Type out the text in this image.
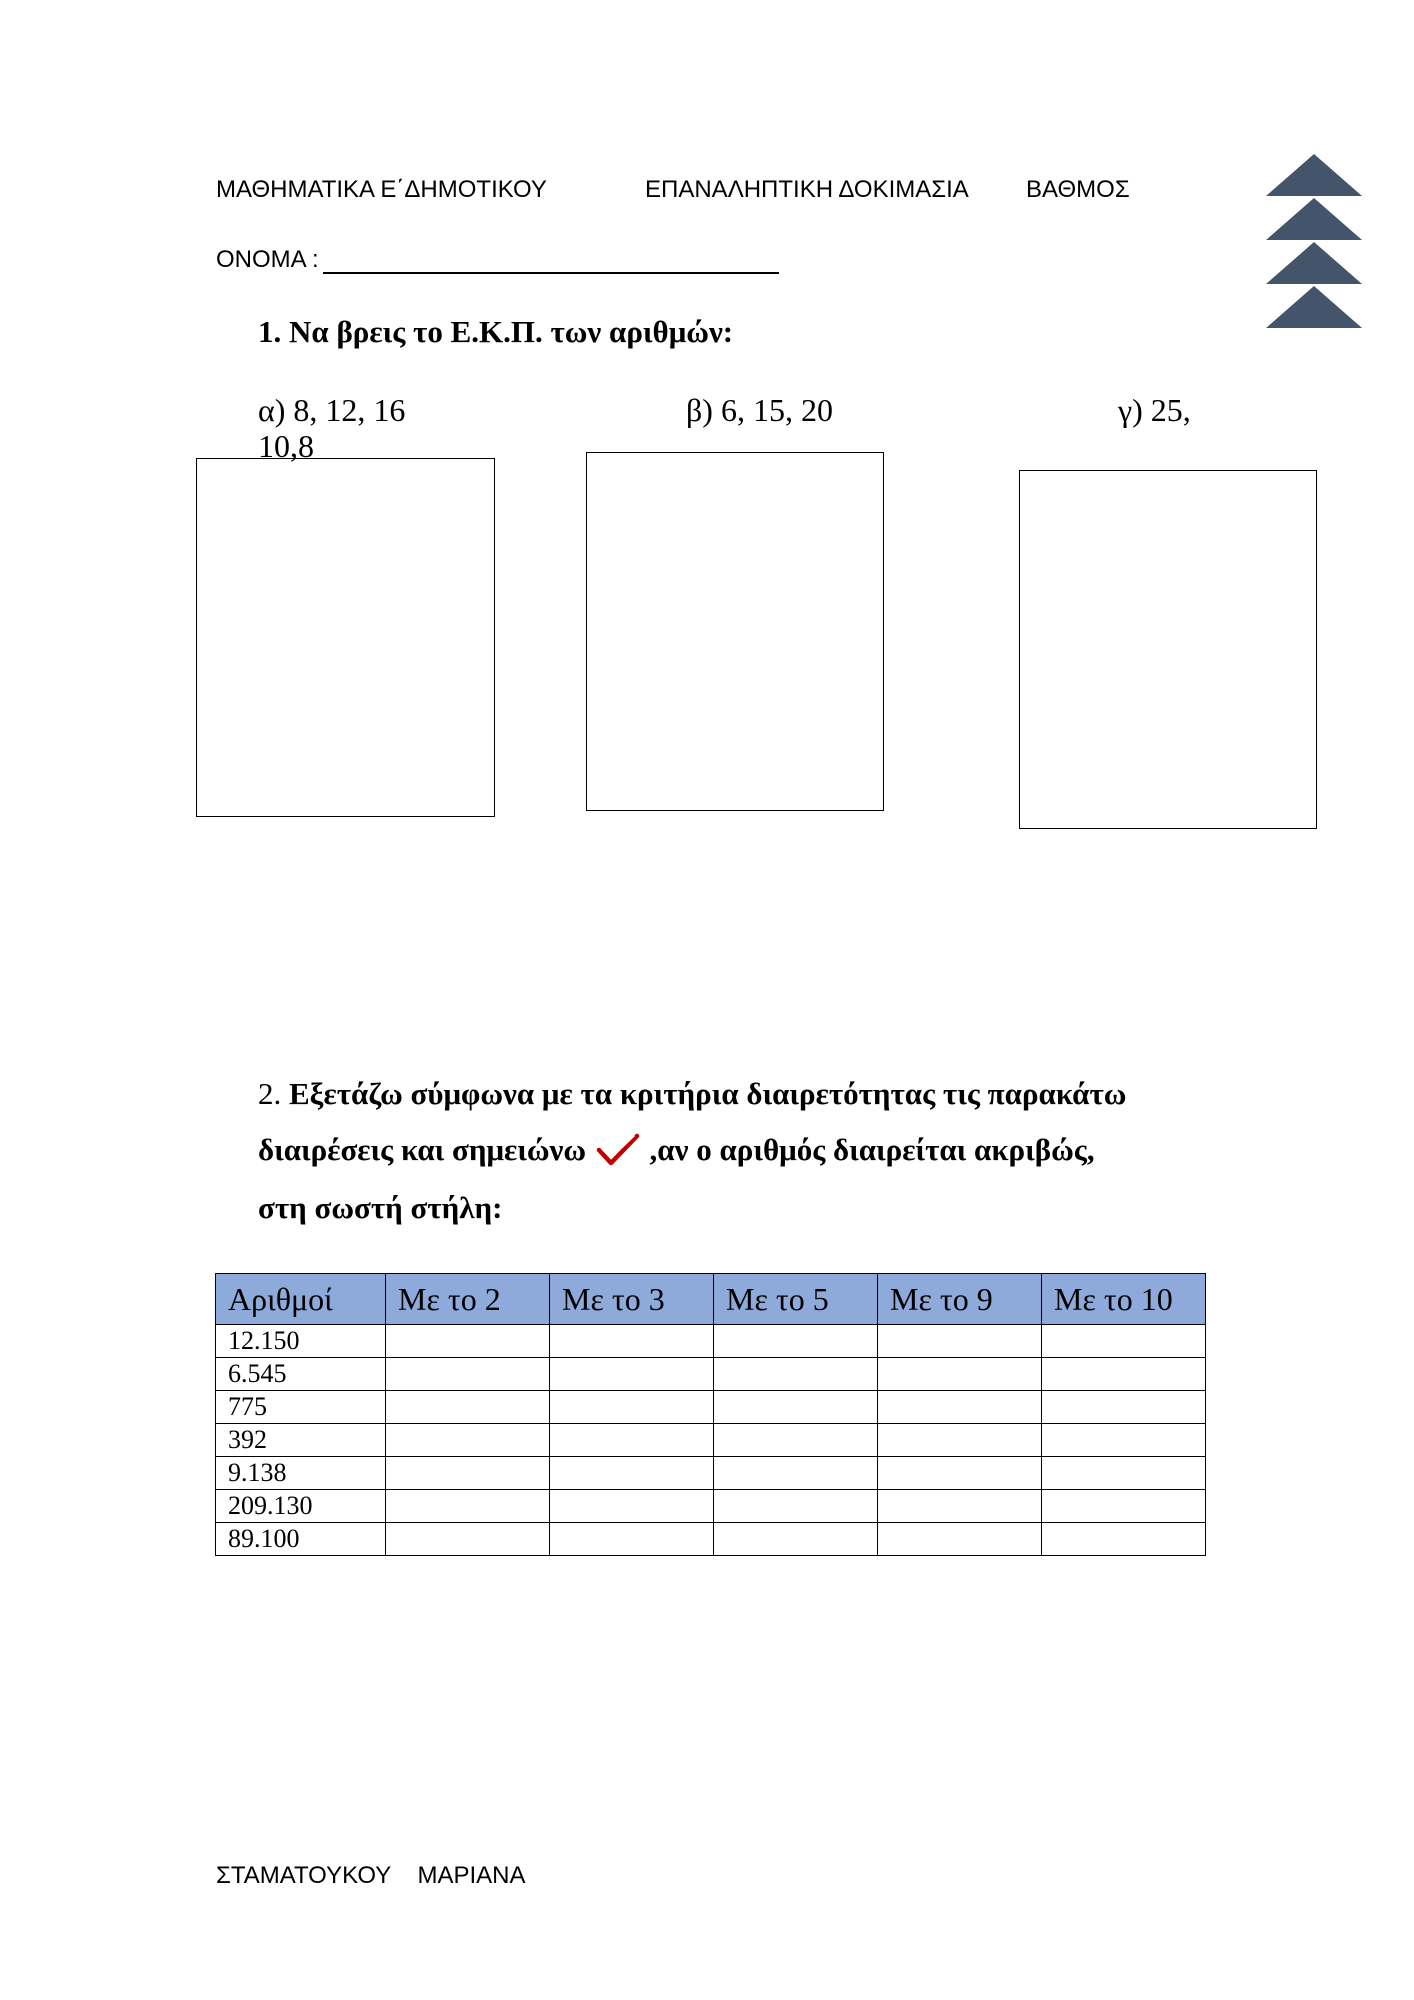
ΜΑΘΗΜΑΤΙΚΑ Ε΄ΔΗΜΟΤΙΚΟΥ	ΕΠΑΝΑΛΗΠΤΙΚΗ ΔΟΚΙΜΑΣΙΑ ΒΑΘΜΟΣ
ΟΝΟΜΑ :
1. Να βρεις το Ε.Κ.Π. των αριθμών:
α) 8, 12, 16	β) 6, 15, 20	γ) 25,
10,8
2. Εξετάζω σύμφωνα με τα κριτήρια διαιρετότητας τις παρακάτω
διαιρέσεις και σημειώνω  ,αν ο αριθμός διαιρείται ακριβώς,
στη σωστή στήλη:
Αριθμοί	Με το 2	Με το 3	Με το 5	Με το 9	Με το 10
12.150					
6.545					
775					
392					
9.138					
209.130					
89.100					
ΣΤΑΜΑΤΟΥΚΟΥ    ΜΑΡΙΑΝΑ
